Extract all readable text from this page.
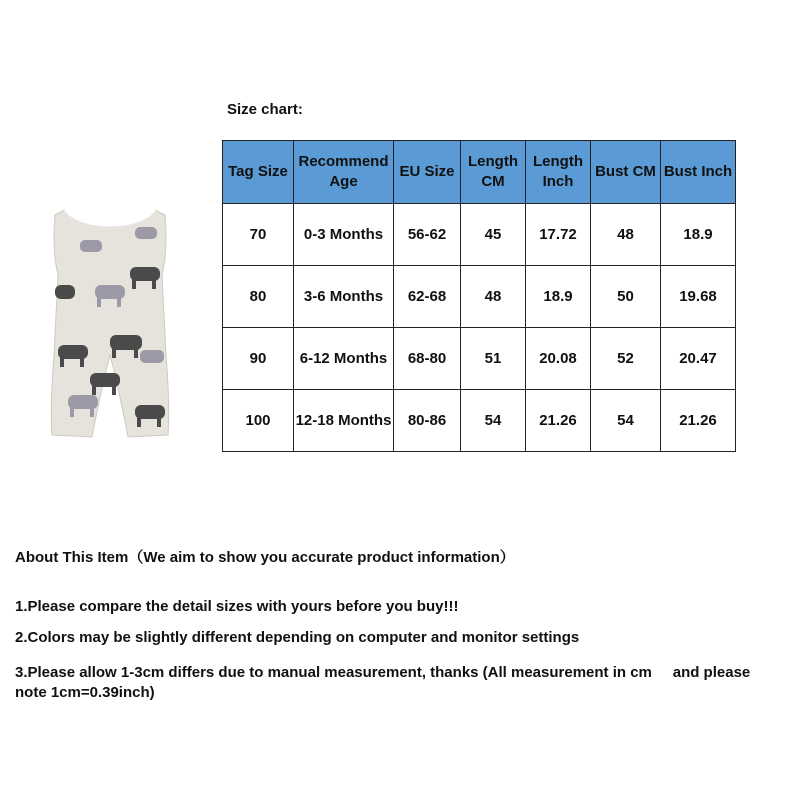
Size chart:
Tag Size	Recommend Age	EU Size	Length CM	Length Inch	Bust CM	Bust Inch
70	0-3 Months	56-62	45	17.72	48	18.9
80	3-6 Months	62-68	48	18.9	50	19.68
90	6-12 Months	68-80	51	20.08	52	20.47
100	12-18 Months	80-86	54	21.26	54	21.26
About This Item（We aim to show you accurate product information）
1.Please compare the detail sizes with yours before you buy!!!
2.Colors may be slightly different depending on computer and monitor settings
3.Please allow 1-3cm differs due to manual measurement, thanks (All measurement in cm     and please note 1cm=0.39inch)
